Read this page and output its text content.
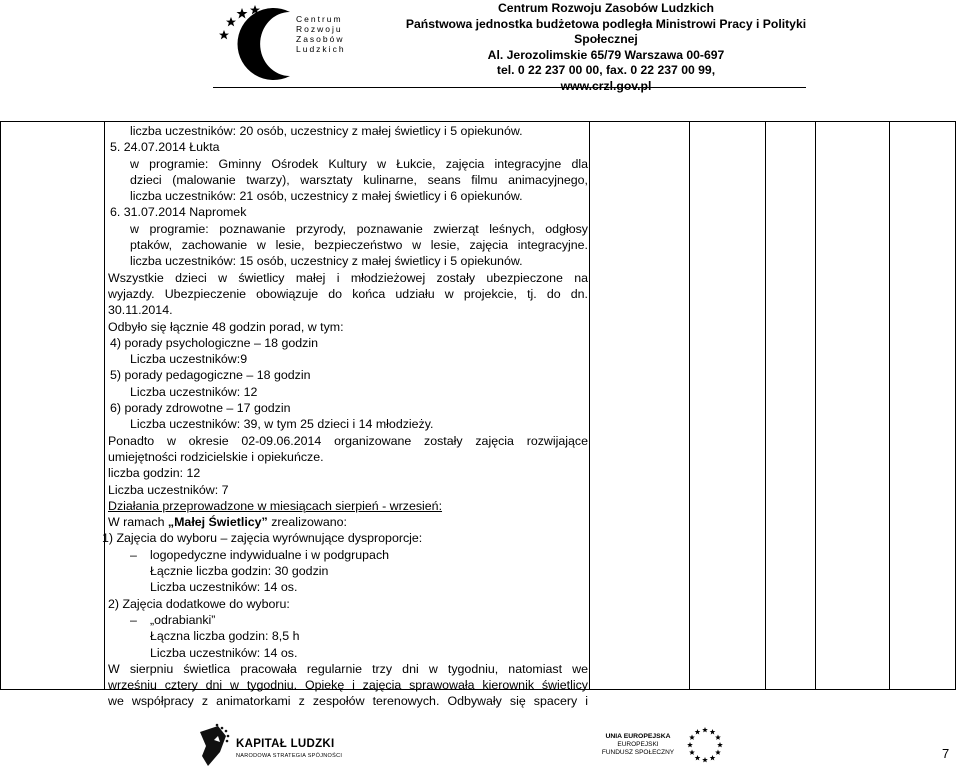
Centrum
Rozwoju
Zasobów
Ludzkich
Centrum Rozwoju Zasobów Ludzkich
Państwowa jednostka budżetowa podległa Ministrowi Pracy i Polityki Społecznej
Al. Jerozolimskie 65/79 Warszawa 00-697
tel. 0 22 237 00 00, fax. 0 22 237 00 99,
www.crzl.gov.pl
liczba uczestników: 20 osób, uczestnicy z małej świetlicy i 5 opiekunów.
5. 24.07.2014 Łukta
w programie: Gminny Ośrodek Kultury w Łukcie, zajęcia integracyjne dla
dzieci (malowanie twarzy), warsztaty kulinarne, seans filmu animacyjnego,
liczba uczestników: 21 osób, uczestnicy z małej świetlicy i 6 opiekunów.
6. 31.07.2014 Napromek
w programie: poznawanie przyrody, poznawanie zwierząt leśnych, odgłosy
ptaków, zachowanie w lesie, bezpieczeństwo w lesie, zajęcia integracyjne.
liczba uczestników: 15 osób, uczestnicy z małej świetlicy i 5 opiekunów.
Wszystkie dzieci w świetlicy małej i młodzieżowej zostały ubezpieczone na
wyjazdy. Ubezpieczenie obowiązuje do końca udziału w projekcie, tj. do dn.
30.11.2014.
Odbyło się łącznie 48 godzin porad, w tym:
4) porady psychologiczne – 18 godzin
Liczba uczestników:9
5) porady pedagogiczne – 18 godzin
Liczba uczestników: 12
6) porady zdrowotne – 17 godzin
Liczba uczestników: 39, w tym 25 dzieci i 14 młodzieży.
Ponadto w okresie 02-09.06.2014 organizowane zostały zajęcia rozwijające
umiejętności rodzicielskie i opiekuńcze.
liczba godzin: 12
Liczba uczestników: 7
Działania przeprowadzone w miesiącach sierpień - wrzesień:
W ramach „Małej Świetlicy” zrealizowano:
1) Zajęcia do wyboru – zajęcia wyrównujące dysproporcje:
– logopedyczne indywidualne i w podgrupach
Łącznie liczba godzin: 30 godzin
Liczba uczestników: 14 os.
2) Zajęcia dodatkowe do wyboru:
– „odrabianki”
Łączna liczba godzin: 8,5 h
Liczba uczestników: 14 os.
W sierpniu świetlica pracowała regularnie trzy dni w tygodniu, natomiast we
wrześniu cztery dni w tygodniu. Opiekę i zajęcia sprawowała kierownik świetlicy
we współpracy z animatorkami z zespołów terenowych. Odbywały się spacery i
KAPITAŁ LUDZKI
NARODOWA STRATEGIA SPÓJNOŚCI
UNIA EUROPEJSKA
EUROPEJSKI
FUNDUSZ SPOŁECZNY	7
